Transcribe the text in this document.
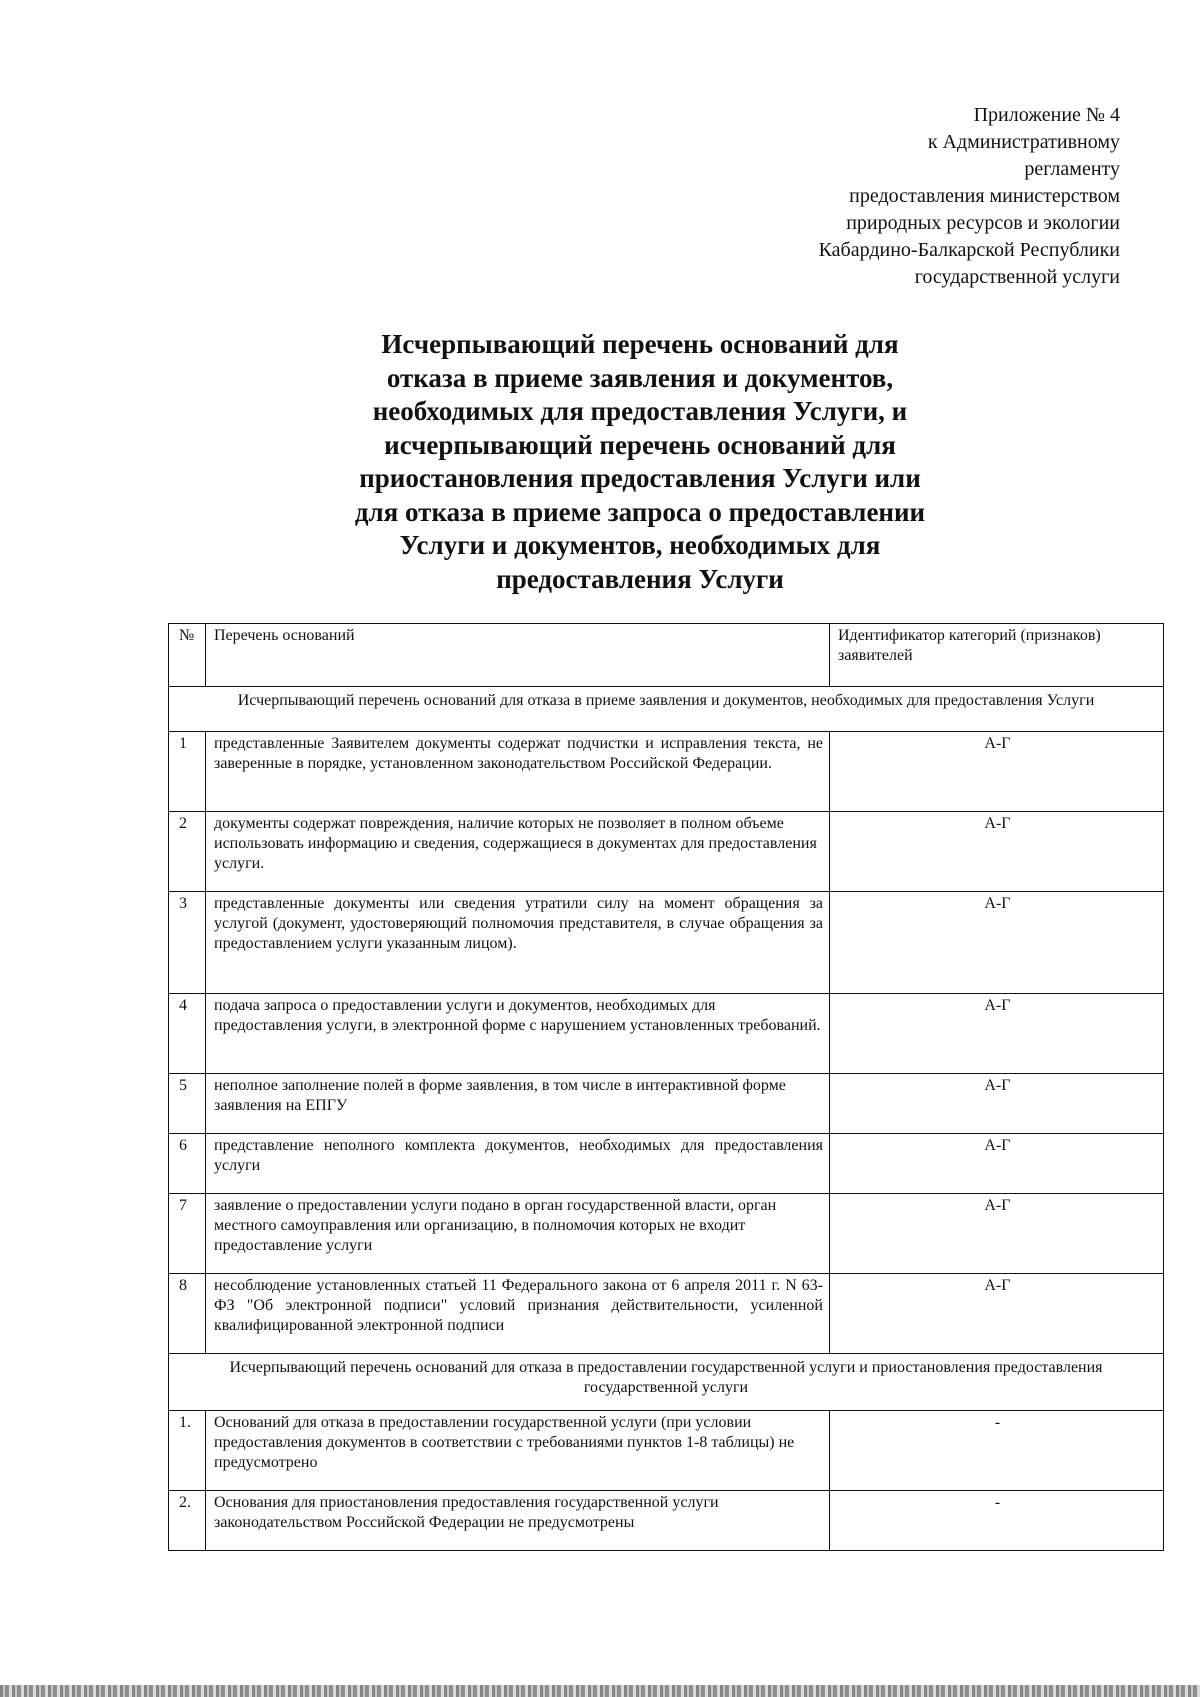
Приложение № 4
к Административному
регламенту
предоставления министерством
природных ресурсов и экологии
Кабардино-Балкарской Республики
государственной услуги
Исчерпывающий перечень оснований для
отказа в приеме заявления и документов,
необходимых для предоставления Услуги, и
исчерпывающий перечень оснований для
приостановления предоставления Услуги или
для отказа в приеме запроса о предоставлении
Услуги и документов, необходимых для
предоставления Услуги
№	Перечень оснований	Идентификатор категорий (признаков) заявителей
Исчерпывающий перечень оснований для отказа в приеме заявления и документов, необходимых для предоставления Услуги		
1	представленные Заявителем документы содержат подчистки и исправления текста, не заверенные в порядке, установленном законодательством Российской Федерации.	А-Г
2	документы содержат повреждения, наличие которых не позволяет в полном объеме использовать информацию и сведения, содержащиеся в документах для предоставления услуги.	А-Г
3	представленные документы или сведения утратили силу на момент обращения за услугой (документ, удостоверяющий полномочия представителя, в случае обращения за предоставлением услуги указанным лицом).	А-Г
4	подача запроса о предоставлении услуги и документов, необходимых для предоставления услуги, в электронной форме с нарушением установленных требований.	А-Г
5	неполное заполнение полей в форме заявления, в том числе в интерактивной форме заявления на ЕПГУ	А-Г
6	представление неполного комплекта документов, необходимых для предоставления услуги	А-Г
7	заявление о предоставлении услуги подано в орган государственной власти, орган местного самоуправления или организацию, в полномочия которых не входит предоставление услуги	А-Г
8	несоблюдение установленных статьей 11 Федерального закона от 6 апреля 2011 г. N 63-ФЗ "Об электронной подписи" условий признания действительности, усиленной квалифицированной электронной подписи	А-Г
Исчерпывающий перечень оснований для отказа в предоставлении государственной услуги и приостановления предоставления государственной услуги		
1.	Оснований для отказа в предоставлении государственной услуги (при условии предоставления документов в соответствии с требованиями пунктов 1-8 таблицы) не предусмотрено	-
2.	Основания для приостановления предоставления государственной услуги законодательством Российской Федерации не предусмотрены	-
